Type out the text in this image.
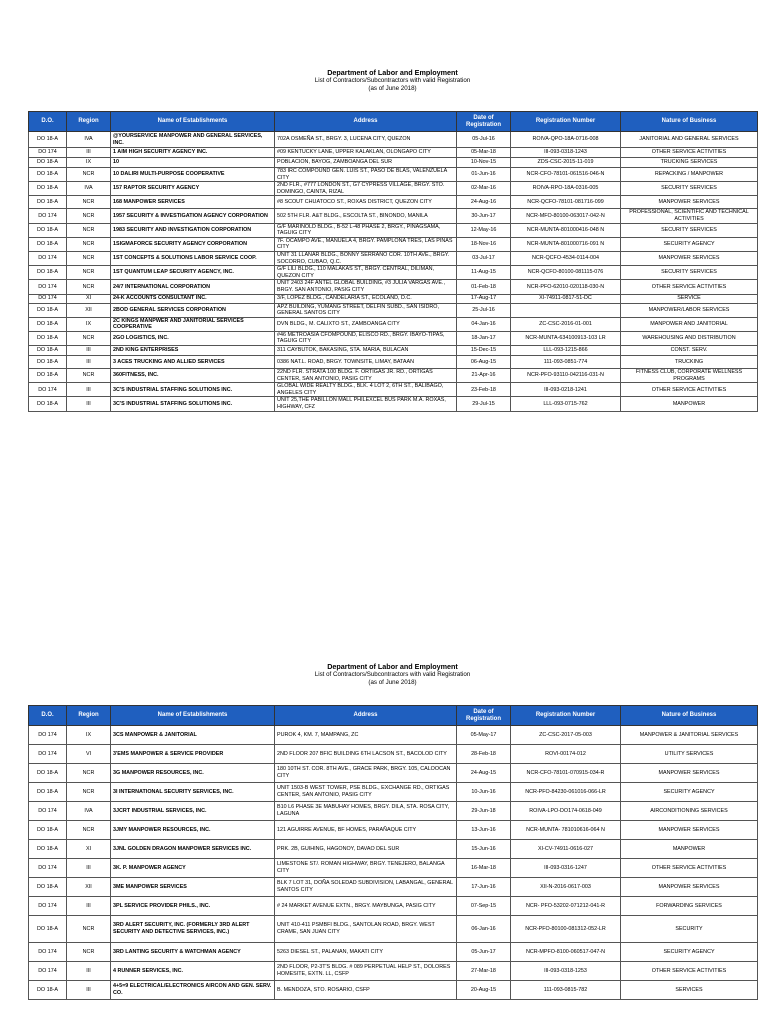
Department of Labor and Employment
List of Contractors/Subcontractors with valid Registration
(as of June 2018)
D.O.	Region	Name of Establishments	Address	Date of Registration	Registration Number	Nature of Business
DO 18-A	IVA	@YOURSERVICE MANPOWER AND GENERAL SERVICES, INC.	702A OSMEÑA ST., BRGY. 3, LUCENA CITY, QUEZON	05-Jul-16	ROIVA-QPO-18A-0716-008	JANITORIAL AND GENERAL SERVICES
DO 174	III	1 AIM HIGH SECURITY AGENCY INC.	#09 KENTUCKY LANE, UPPER KALAKLAN, OLONGAPO CITY	05-Mar-18	III-093-0318-1243	OTHER SERVICE ACTIVITIES
DO 18-A	IX	10	POBLACION, BAYOG, ZAMBOANGA DEL SUR	10-Nov-15	ZDS-CSC-2015-11-019	TRUCKING SERVICES
DO 18-A	NCR	10 DALIRI MULTI-PURPOSE COOPERATIVE	783 IRC COMPOUND GEN. LUIS ST., PASO DE BLAS, VALENZUELA CITY	01-Jun-16	NCR-CFO-78101-061516-046-N	REPACKING / MANPOWER
DO 18-A	IVA	157 RAPTOR SECURITY AGENCY	2ND FLR., #777 LONDON ST., G7 CYPRESS VILLAGE, BRGY. STO. DOMINGO, CAINTA, RIZAL	02-Mar-16	ROIVA-RPO-18A-0316-005	SECURITY SERVICES
DO 18-A	NCR	168 MANPOWER SERVICES	#8 SCOUT CHUATOCO ST., ROXAS DISTRICT, QUEZON CITY	24-Aug-16	NCR-QCFO-78101-081716-099	MANPOWER SERVICES
DO 174	NCR	1957 SECURITY & INVESTIGATION AGENCY CORPORATION	502 5TH FLR. A&T BLDG., ESCOLTA ST., BINONDO, MANILA	30-Jun-17	NCR-MFO-80100-063017-042-N	PROFESSIONAL, SCIENTIFIC AND TECHNICAL ACTIVITIES
DO 18-A	NCR	1983 SECURITY AND INVESTIGATION CORPORATION	G/F MARINOLD BLDG., B-52 L-48 PHASE 2, BRGY., PINAGSAMA, TAGUIG CITY	12-May-16	NCR-MUNTA-801000416-048 N	SECURITY SERVICES
DO 18-A	NCR	1SIGMAFORCE SECURITY AGENCY CORPORATION	7F. OCAMPO AVE., MANUELA 4, BRGY. PAMPLONA TRES, LAS PIÑAS CITY	18-Nov-16	NCR-MUNTA-801000716-091 N	SECURITY AGENCY
DO 174	NCR	1ST CONCEPTS & SOLUTIONS LABOR SERVICE COOP.	UNIT 31 LLANAR BLDG., BONNY SERRANO COR. 10TH AVE., BRGY. SOCORRO, CUBAO, Q.C.	03-Jul-17	NCR-QCFO-4534-0114-004	MANPOWER SERVICES
DO 18-A	NCR	1ST QUANTUM LEAP SECURITY AGENCY, INC.	G/F LILI BLDG., 110 MALAKAS ST., BRGY. CENTRAL, DILIMAN, QUEZON CITY	11-Aug-15	NCR-QCFO-80100-081115-076	SECURITY SERVICES
DO 174	NCR	24/7 INTERNATIONAL CORPORATION	UNIT 2403 24F ANTEL GLOBAL BUILDING, #3 JULIA VARGAS AVE., BRGY. SAN ANTONIO, PASIG CITY	01-Feb-18	NCR-PFO-62010-020118-030-N	OTHER SERVICE ACTIVITIES
DO 174	XI	24-K ACCOUNTS CONSULTANT INC.	3/F, LOPEZ BLDG., CANDELARIA ST., ECOLAND, D.C.	17-Aug-17	XI-74911-0817-51-DC	SERVICE
DO 18-A	XII	2BOD GENERAL SERVICES CORPORATION	APZ BUILDING, YUMANG STREET, DELFIN SUBD., SAN ISIDRO, GENERAL SANTOS CITY	25-Jul-16		MANPOWER/LABOR SERVICES
DO 18-A	IX	2C KINGS MANPWER AND JANITORIAL SERVICES COOPERATIVE	DVN BLDG., M. CALIXTO ST., ZAMBOANGA CITY	04-Jan-16	ZC-CSC-2016-01-001	MANPOWER AND JANITORIAL
DO 18-A	NCR	2GO LOGISTICS, INC.	#46 METROASIA CFOMPOUND, ELISCO RD., BRGY. IBAYO-TIPAS, TAGUIG CITY	18-Jan-17	NCR-MUNTA-634100913-103 LR	WAREHOUSING AND DISTRIBUTION
DO 18-A	III	2ND KING ENTERPRISES	311 CAYBUTOK, BAKASING, STA. MARIA, BULACAN	15-Dec-15	LLL-093-1215-866	CONST. SERV.
DO 18-A	III	3 ACES TRUCKING AND ALLIED SERVICES	0386 NAT.L. ROAD, BRGY. TOWNSITE, LIMAY, BATAAN	06-Aug-15	111-093-0851-774	TRUCKING
DO 18-A	NCR	360FITNESS, INC.	22ND FLR. STRATA 100 BLDG. F. ORTIGAS JR. RD., ORTIGAS CENTER, SAN ANTONIO, PASIG CITY	21-Apr-16	NCR-PFO-93110-042116-031-N	FITNESS CLUB, CORPORATE WELLNESS PROGRAMS
DO 174	III	3C'S INDUSTRIAL STAFFING SOLUTIONS INC.	GLOBAL WIDE REALTY BLDG., BLK. 4 LOT 2, 6TH ST., BALIBAGO, ANGELES CITY	23-Feb-18	III-093-0218-1241	OTHER SERVICE ACTIVITIES
DO 18-A	III	3C'S INDUSTRIAL STAFFING SOLUTIONS INC.	UNIT 25,THE PABILLON MALL PHILEXCEL BUS PARK M.A. ROXAS, HIGHWAY, CFZ	29-Jul-15	LLL-093-0715-762	MANPOWER
Department of Labor and Employment
List of Contractors/Subcontractors with valid Registration
(as of June 2018)
D.O.	Region	Name of Establishments	Address	Date of Registration	Registration Number	Nature of Business
DO 174	IX	3CS MANPOWER & JANITORIAL	PUROK 4, KM. 7, MAMPANG, ZC	05-May-17	ZC-CSC-2017-05-003	MANPOWER & JANITORIAL SERVICES
DO 174	VI	3'EMS MANPOWER & SERVICE PROVIDER	2ND FLOOR 207 BFIC BUILDING 6TH LACSON ST., BACOLOD CITY	28-Feb-18	ROVI-00174-012	UTILITY SERVICES
DO 18-A	NCR	3G MANPOWER RESOURCES, INC.	180 10TH ST. COR. 8TH AVE., GRACE PARK, BRGY. 105, CALOOCAN CITY	24-Aug-15	NCR-CFO-78101-070915-034-R	MANPOWER SERVICES
DO 18-A	NCR	3I INTERNATIONAL SECURITY SERVICES, INC.	UNIT 1503-B WEST TOWER, PSE BLDG., EXCHANGE RD., ORTIGAS CENTER, SAN ANTONIO, PASIG CITY	10-Jun-16	NCR-PFO-84230-061016-066-LR	SECURITY AGENCY
DO 174	IVA	3JCRT INDUSTRIAL SERVICES, INC.	B10 L6 PHASE 3E MABUHAY HOMES, BRGY. DILA, STA. ROSA CITY, LAGUNA	29-Jun-18	ROIVA-LPO-DO174-0618-049	AIRCONDITIONING SERVICES
DO 18-A	NCR	3JMY MANPOWER RESOURCES, INC.	121 AGUIRRE AVENUE, BF HOMES, PARAÑAQUE CITY	13-Jun-16	NCR-MUNTA- 781010616-064 N	MANPOWER SERVICES
DO 18-A	XI	3JNL GOLDEN DRAGON MANPOWER SERVICES INC.	PRK. 2B, GUIHING, HAGONOY, DAVAO DEL SUR	15-Jun-16	XI-CV-74911-0616-027	MANPOWER
DO 174	III	3K. P. MANPOWER AGENCY	LIMESTONE ST/. ROMAN HIGHWAY, BRGY. TENEJERO, BALANGA CITY	16-Mar-18	III-093-0316-1247	OTHER SERVICE ACTIVITIES
DO 18-A	XII	3ME MANPOWER SERVICES	BLK 7 LOT 31, DOÑA SOLEDAD SUBDIVISION, LABANGAL, GENERAL SANTOS CITY	17-Jun-16	XII-N-2016-0617-003	MANPOWER SERVICES
DO 174	III	3PL SERVICE PROVIDER PHILS., INC.	# 24 MARKET AVENUE EXTN., BRGY. MAYBUNGA, PASIG CITY	07-Sep-15	NCR- PFO-53202-071212-041-R	FORWARDING SERVICES
DO 18-A	NCR	3RD ALERT SECURITY, INC. (FORMERLY 3RD ALERT SECURITY AND DETECTIVE SERVICES, INC.)	UNIT 410-411 PSMBFI BLDG., SANTOLAN ROAD, BRGY. WEST CRAME, SAN JUAN CITY	06-Jan-16	NCR-PFO-80100-081312-052-LR	SECURITY
DO 174	NCR	3RD LANTING SECURITY & WATCHMAN AGENCY	5263 DIESEL ST., PALANAN, MAKATI CITY	05-Jun-17	NCR-MPFO-8100-060517-047-N	SECURITY AGENCY
DO 174	III	4 RUNNER SERVICES, INC.	2ND FLOOR, P2-3T'S BLDG. # 089 PERPETUAL HELP ST., DOLORES HOMESITE, EXTN. LL, CSFP	27-Mar-18	III-093-0318-1253	OTHER SERVICE ACTIVITIES
DO 18-A	III	4+5=9 ELECTRICAL/ELECTRONICS AIRCON AND GEN. SERV. CO.	B. MENDOZA, STO. ROSARIO, CSFP	20-Aug-15	111-093-0815-782	SERVICES
